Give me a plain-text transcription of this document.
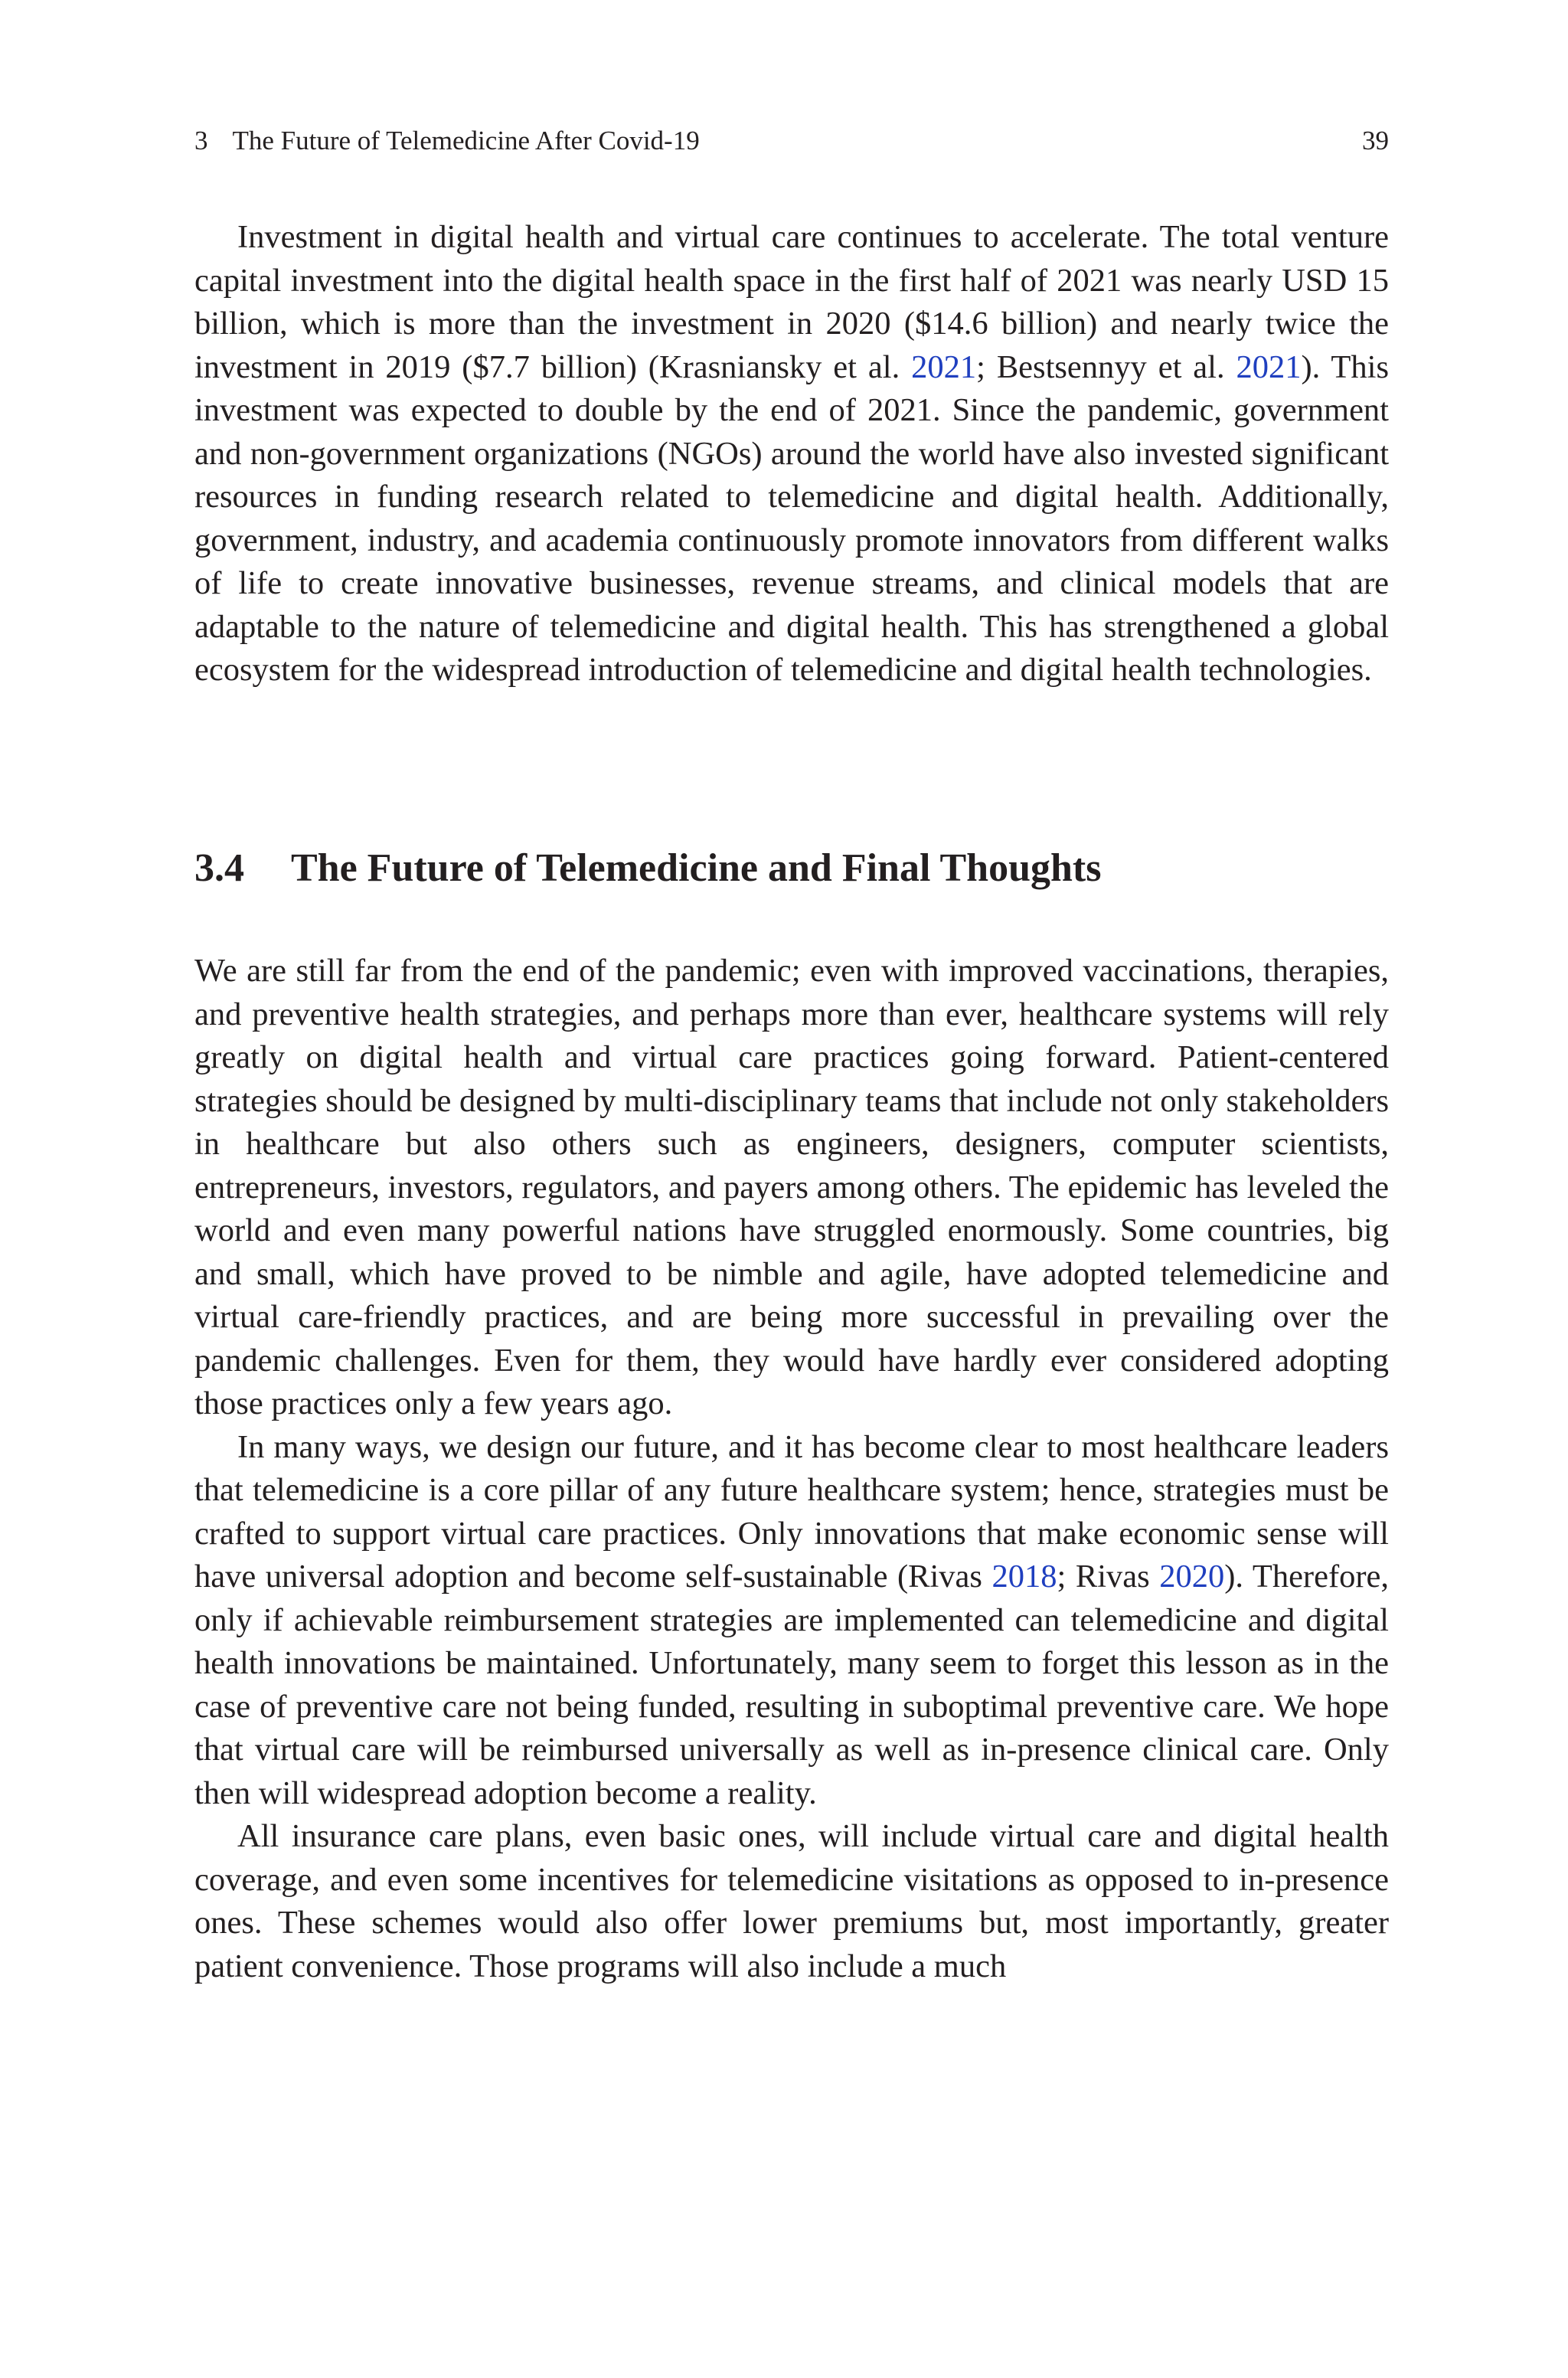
3 The Future of Telemedicine After Covid-19	39

Investment in digital health and virtual care continues to accelerate. The total venture capital investment into the digital health space in the first half of 2021 was nearly USD 15 billion, which is more than the investment in 2020 ($14.6 billion) and nearly twice the investment in 2019 ($7.7 billion) (Krasniansky et al. 2021; Bestsennyy et al. 2021). This investment was expected to double by the end of 2021. Since the pandemic, government and non-government organizations (NGOs) around the world have also invested significant resources in funding research related to telemedicine and digital health. Additionally, government, industry, and academia continuously promote innovators from different walks of life to create innovative businesses, revenue streams, and clinical models that are adaptable to the nature of telemedicine and digital health. This has strengthened a global ecosystem for the widespread introduction of telemedicine and digital health technologies.

3.4 The Future of Telemedicine and Final Thoughts

We are still far from the end of the pandemic; even with improved vaccinations, therapies, and preventive health strategies, and perhaps more than ever, healthcare systems will rely greatly on digital health and virtual care practices going forward. Patient-centered strategies should be designed by multi-disciplinary teams that include not only stakeholders in healthcare but also others such as engineers, designers, computer scientists, entrepreneurs, investors, regulators, and payers among others. The epidemic has leveled the world and even many powerful nations have struggled enormously. Some countries, big and small, which have proved to be nimble and agile, have adopted telemedicine and virtual care-friendly practices, and are being more successful in prevailing over the pandemic challenges. Even for them, they would have hardly ever considered adopting those practices only a few years ago.

In many ways, we design our future, and it has become clear to most healthcare leaders that telemedicine is a core pillar of any future healthcare system; hence, strategies must be crafted to support virtual care practices. Only innovations that make economic sense will have universal adoption and become self-sustainable (Rivas 2018; Rivas 2020). Therefore, only if achievable reimbursement strategies are implemented can telemedicine and digital health innovations be maintained. Unfortunately, many seem to forget this lesson as in the case of preventive care not being funded, resulting in suboptimal preventive care. We hope that virtual care will be reimbursed universally as well as in-presence clinical care. Only then will widespread adoption become a reality.

All insurance care plans, even basic ones, will include virtual care and digital health coverage, and even some incentives for telemedicine visitations as opposed to in-presence ones. These schemes would also offer lower premiums but, most importantly, greater patient convenience. Those programs will also include a much
